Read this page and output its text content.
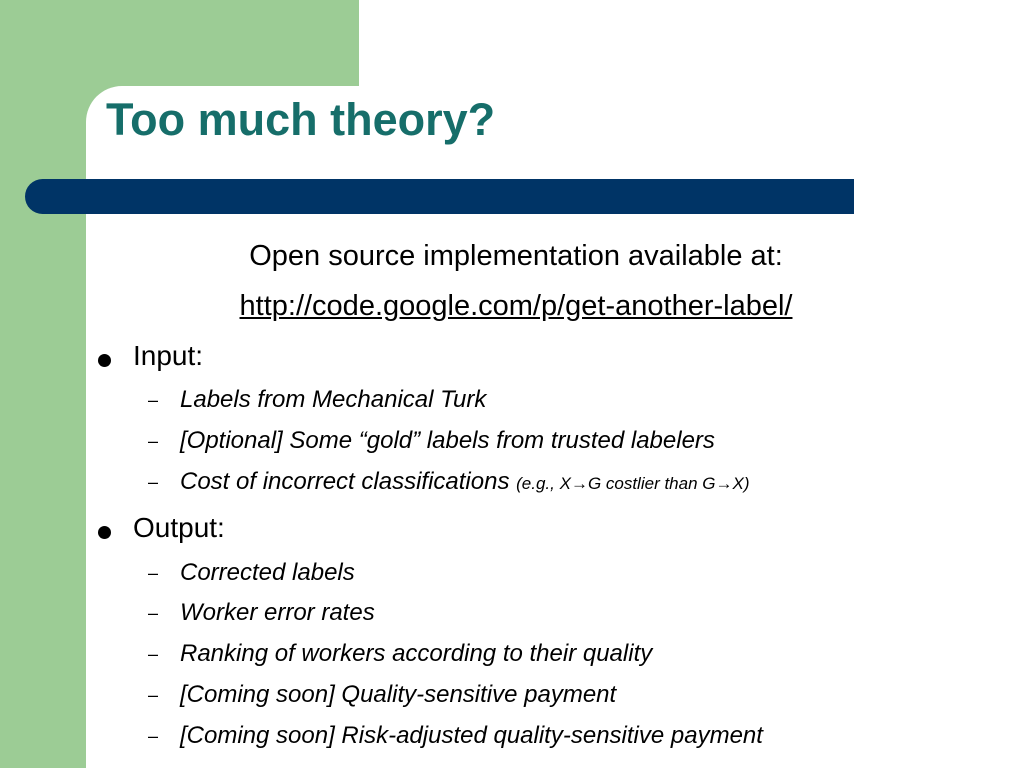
Too much theory?
Open source implementation available at:
http://code.google.com/p/get-another-label/
Input:
– Labels from Mechanical Turk
– [Optional] Some “gold” labels from trusted labelers
– Cost of incorrect classifications (e.g., X→G costlier than G→X)
Output:
– Corrected labels
– Worker error rates
– Ranking of workers according to their quality
– [Coming soon] Quality-sensitive payment
– [Coming soon] Risk-adjusted quality-sensitive payment
